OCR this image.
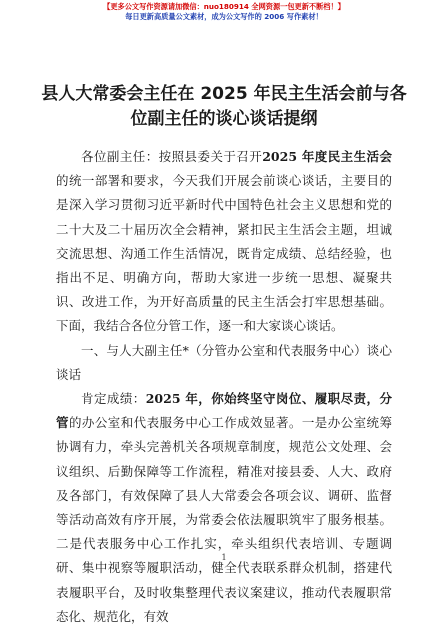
【更多公文写作资源请加微信：nuo180914 全网资源一包更新不断档！】
每日更新高质量公文素材，成为公文写作的 2006 写作素材！
县人大常委会主任在 2025 年民主生活会前与各
位副主任的谈心谈话提纲

各位副主任：按照县委关于召开2025 年度民主生活会的统一部署和要求，今天我们开展会前谈心谈话，主要目的是深入学习贯彻习近平新时代中国特色社会主义思想和党的二十大及二十届历次全会精神，紧扣民主生活会主题，坦诚交流思想、沟通工作生活情况，既肯定成绩、总结经验，也指出不足、明确方向，帮助大家进一步统一思想、凝聚共识、改进工作，为开好高质量的民主生活会打牢思想基础。下面，我结合各位分管工作，逐一和大家谈心谈话。

一、与人大副主任*（分管办公室和代表服务中心）谈心谈话

肯定成绩：2025 年，你始终坚守岗位、履职尽责，分管的办公室和代表服务中心工作成效显著。一是办公室统筹协调有力，牵头完善机关各项规章制度，规范公文处理、会议组织、后勤保障等工作流程，精准对接县委、人大、政府及各部门，有效保障了县人大常委会各项会议、调研、监督等活动高效有序开展，为常委会依法履职筑牢了服务根基。二是代表服务中心工作扎实，牵头组织代表培训、专题调研、集中视察等履职活动，健全代表联系群众机制，搭建代表履职平台，及时收集整理代表议案建议，推动代表履职常态化、规范化，有效

1
